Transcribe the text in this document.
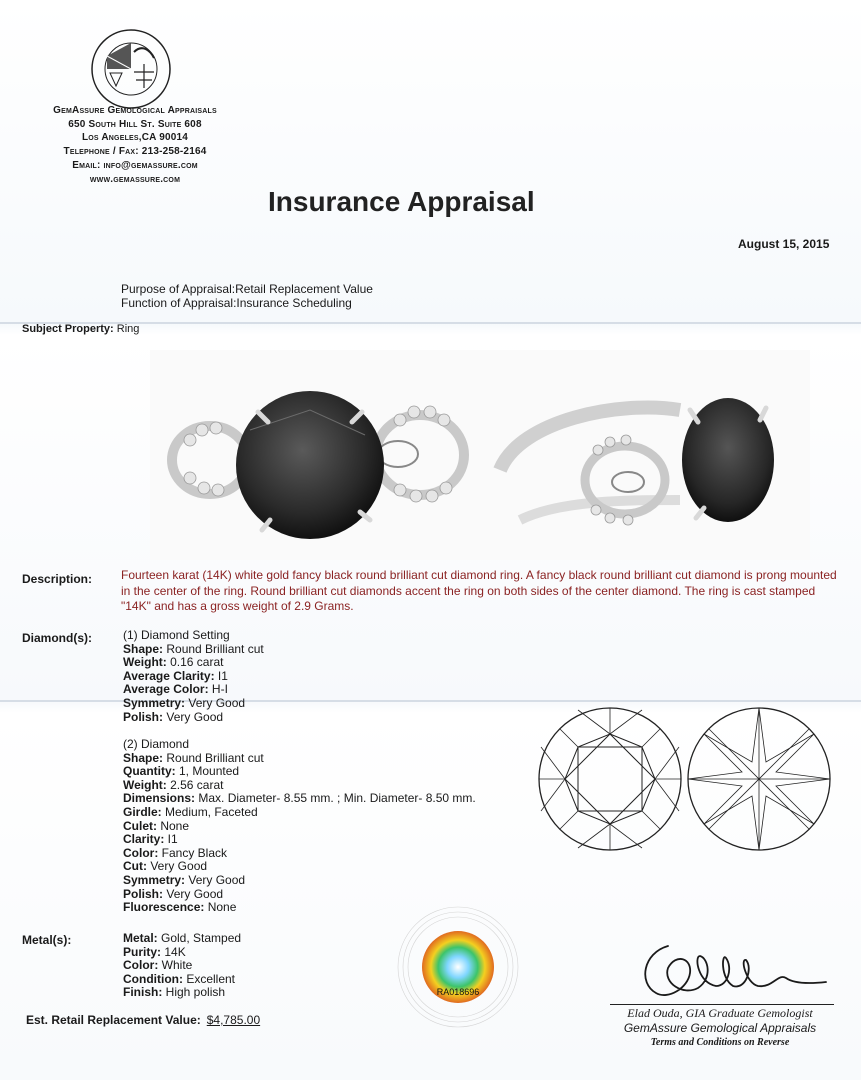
GemAssure Gemological Appraisals
650 South Hill St. Suite 608
Los Angeles,CA 90014
Telephone / Fax: 213-258-2164
Email: info@gemassure.com
www.gemassure.com
Insurance Appraisal
August 15, 2015
Purpose of Appraisal:Retail Replacement Value
Function of Appraisal:Insurance Scheduling
Subject Property: Ring
Description: Fourteen karat (14K) white gold fancy black round brilliant cut diamond ring. A fancy black round brilliant cut diamond is prong mounted in the center of the ring. Round brilliant cut diamonds accent the ring on both sides of the center diamond. The ring is cast stamped "14K" and has a gross weight of 2.9 Grams.
Diamond(s):	(1) Diamond Setting
Shape: Round Brilliant cut
Weight: 0.16 carat
Average Clarity: I1
Average Color: H-I
Symmetry: Very Good
Polish: Very Good
(2) Diamond
Shape: Round Brilliant cut
Quantity: 1, Mounted
Weight: 2.56 carat
Dimensions: Max. Diameter- 8.55 mm. ; Min. Diameter- 8.50 mm.
Girdle: Medium, Faceted
Culet: None
Clarity: I1
Color: Fancy Black
Cut: Very Good
Symmetry: Very Good
Polish: Very Good
Fluorescence: None
Metal(s):	Metal: Gold, Stamped
Purity: 14K
Color: White
Condition: Excellent
Finish: High polish	RA018696
Elad Ouda, GIA Graduate Gemologist
GemAssure Gemological Appraisals
Terms and Conditions on Reverse
Est. Retail Replacement Value: $4,785.00
